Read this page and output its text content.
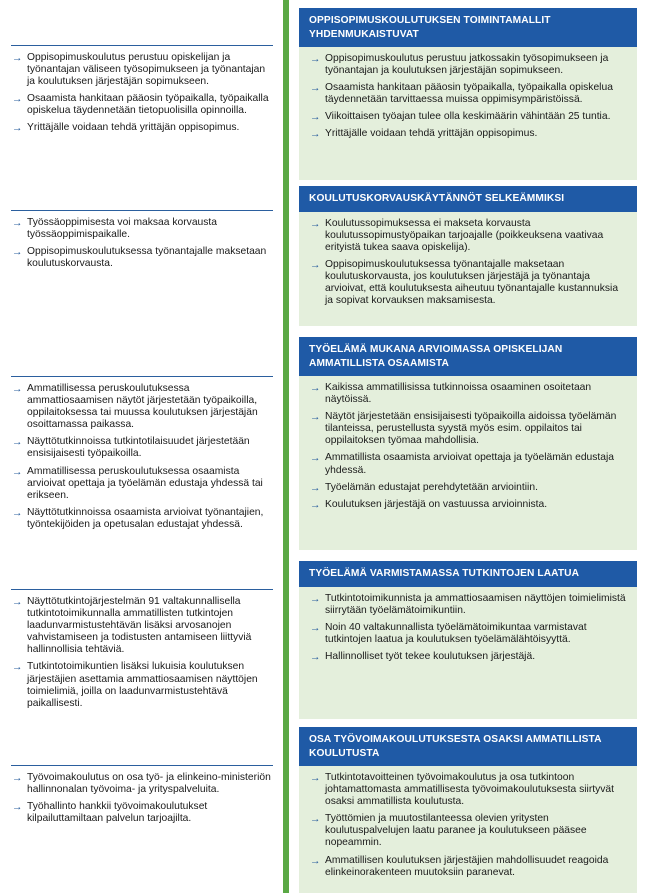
→ Oppisopimuskoulutus perustuu opiskelijan ja työnantajan väliseen työsopimukseen ja työnantajan ja koulutuksen järjestäjän sopimukseen.
→ Osaamista hankitaan pääosin työpaikalla, työpaikalla opiskelua täydennetään tietopuolisilla opinnoilla.
→ Yrittäjälle voidaan tehdä yrittäjän oppisopimus.
OPPISOPIMUSKOULUTUKSEN TOIMINTAMALLIT YHDENMUKAISTUVAT
→ Oppisopimuskoulutus perustuu jatkossakin työsopimukseen ja työnantajan ja koulutuksen järjestäjän sopimukseen.
→ Osaamista hankitaan pääosin työpaikalla, työpaikalla opiskelua täydennetään tarvittaessa muissa oppimisympäristöissä.
→ Viikoittaisen työajan tulee olla keskimäärin vähintään 25 tuntia.
→ Yrittäjälle voidaan tehdä yrittäjän oppisopimus.
→ Työssäoppimisesta voi maksaa korvausta työssäoppimispaikalle.
→ Oppisopimuskoulutuksessa työnantajalle maksetaan koulutuskorvausta.
KOULUTUSKORVAUSKÄYTÄNNÖT SELKEÄMMIKSI
→ Koulutussopimuksessa ei makseta korvausta koulutussopimustyöpaikan tarjoajalle (poikkeuksena vaativaa erityistä tukea saava opiskelija).
→ Oppisopimuskoulutuksessa työnantajalle maksetaan koulutuskorvausta, jos koulutuksen järjestäjä ja työnantaja arvioivat, että koulutuksesta aiheutuu työnantajalle kustannuksia ja sopivat korvauksen maksamisesta.
→ Ammatillisessa peruskoulutuksessa ammattiosaamisen näytöt järjestetään työpaikoilla, oppilaitoksessa tai muussa koulutuksen järjestäjän osoittamassa paikassa.
→ Näyttötutkinnoissa tutkintotilaisuudet järjestetään ensisijaisesti työpaikoilla.
→ Ammatillisessa peruskoulutuksessa osaamista arvioivat opettaja ja työelämän edustaja yhdessä tai erikseen.
→ Näyttötutkinnoissa osaamista arvioivat työnantajien, työntekijöiden ja opetusalan edustajat yhdessä.
TYÖELÄMÄ MUKANA ARVIOIMASSA OPISKELIJAN AMMATILLISTA OSAAMISTA
→ Kaikissa ammatillisissa tutkinnoissa osaaminen osoitetaan näytöissä.
→ Näytöt järjestetään ensisijaisesti työpaikoilla aidoissa työelämän tilanteissa, perustellusta syystä myös esim. oppilaitos tai oppilaitoksen työmaa mahdollisia.
→ Ammatillista osaamista arvioivat opettaja ja työelämän edustaja yhdessä.
→ Työelämän edustajat perehdytetään arviointiin.
→ Koulutuksen järjestäjä on vastuussa arvioinnista.
→ Näyttötutkintojärjestelmän 91 valtakunnallisella tutkintotoimikunnalla ammatillisten tutkintojen laadunvarmistustehtävän lisäksi arvosanojen vahvistamiseen ja todistusten antamiseen liittyviä hallinnollisia tehtäviä.
→ Tutkintotoimikuntien lisäksi lukuisia koulutuksen järjestäjien asettamia ammattiosaamisen näyttöjen toimielimiä, joilla on laadunvarmistustehtävä paikallisesti.
TYÖELÄMÄ VARMISTAMASSA TUTKINTOJEN LAATUA
→ Tutkintotoimikunnista ja ammattiosaamisen näyttöjen toimielimistä siirrytään työelämätoimikuntiin.
→ Noin 40 valtakunnallista työelämätoimikuntaa varmistavat tutkintojen laatua ja koulutuksen työelämälähtöisyyttä.
→ Hallinnolliset työt tekee koulutuksen järjestäjä.
→ Työvoimakoulutus on osa työ- ja elinkeino-ministeriön hallinnonalan työvoima- ja yrityspalveluita.
→ Työhallinto hankkii työvoimakoulutukset kilpailuttamiltaan palvelun tarjoajilta.
OSA TYÖVOIMAKOULUTUKSESTA OSAKSI AMMATILLISTA KOULUTUSTA
→ Tutkintotavoitteinen työvoimakoulutus ja osa tutkintoon johtamattomasta ammatillisesta työvoimakoulutuksesta siirtyvät osaksi ammatillista koulutusta.
→ Työttömien ja muutostilanteessa olevien yritysten koulutuspalvelujen laatu paranee ja koulutukseen pääsee nopeammin.
→ Ammatillisen koulutuksen järjestäjien mahdollisuudet reagoida elinkeinorakenteen muutoksiin paranevat.
